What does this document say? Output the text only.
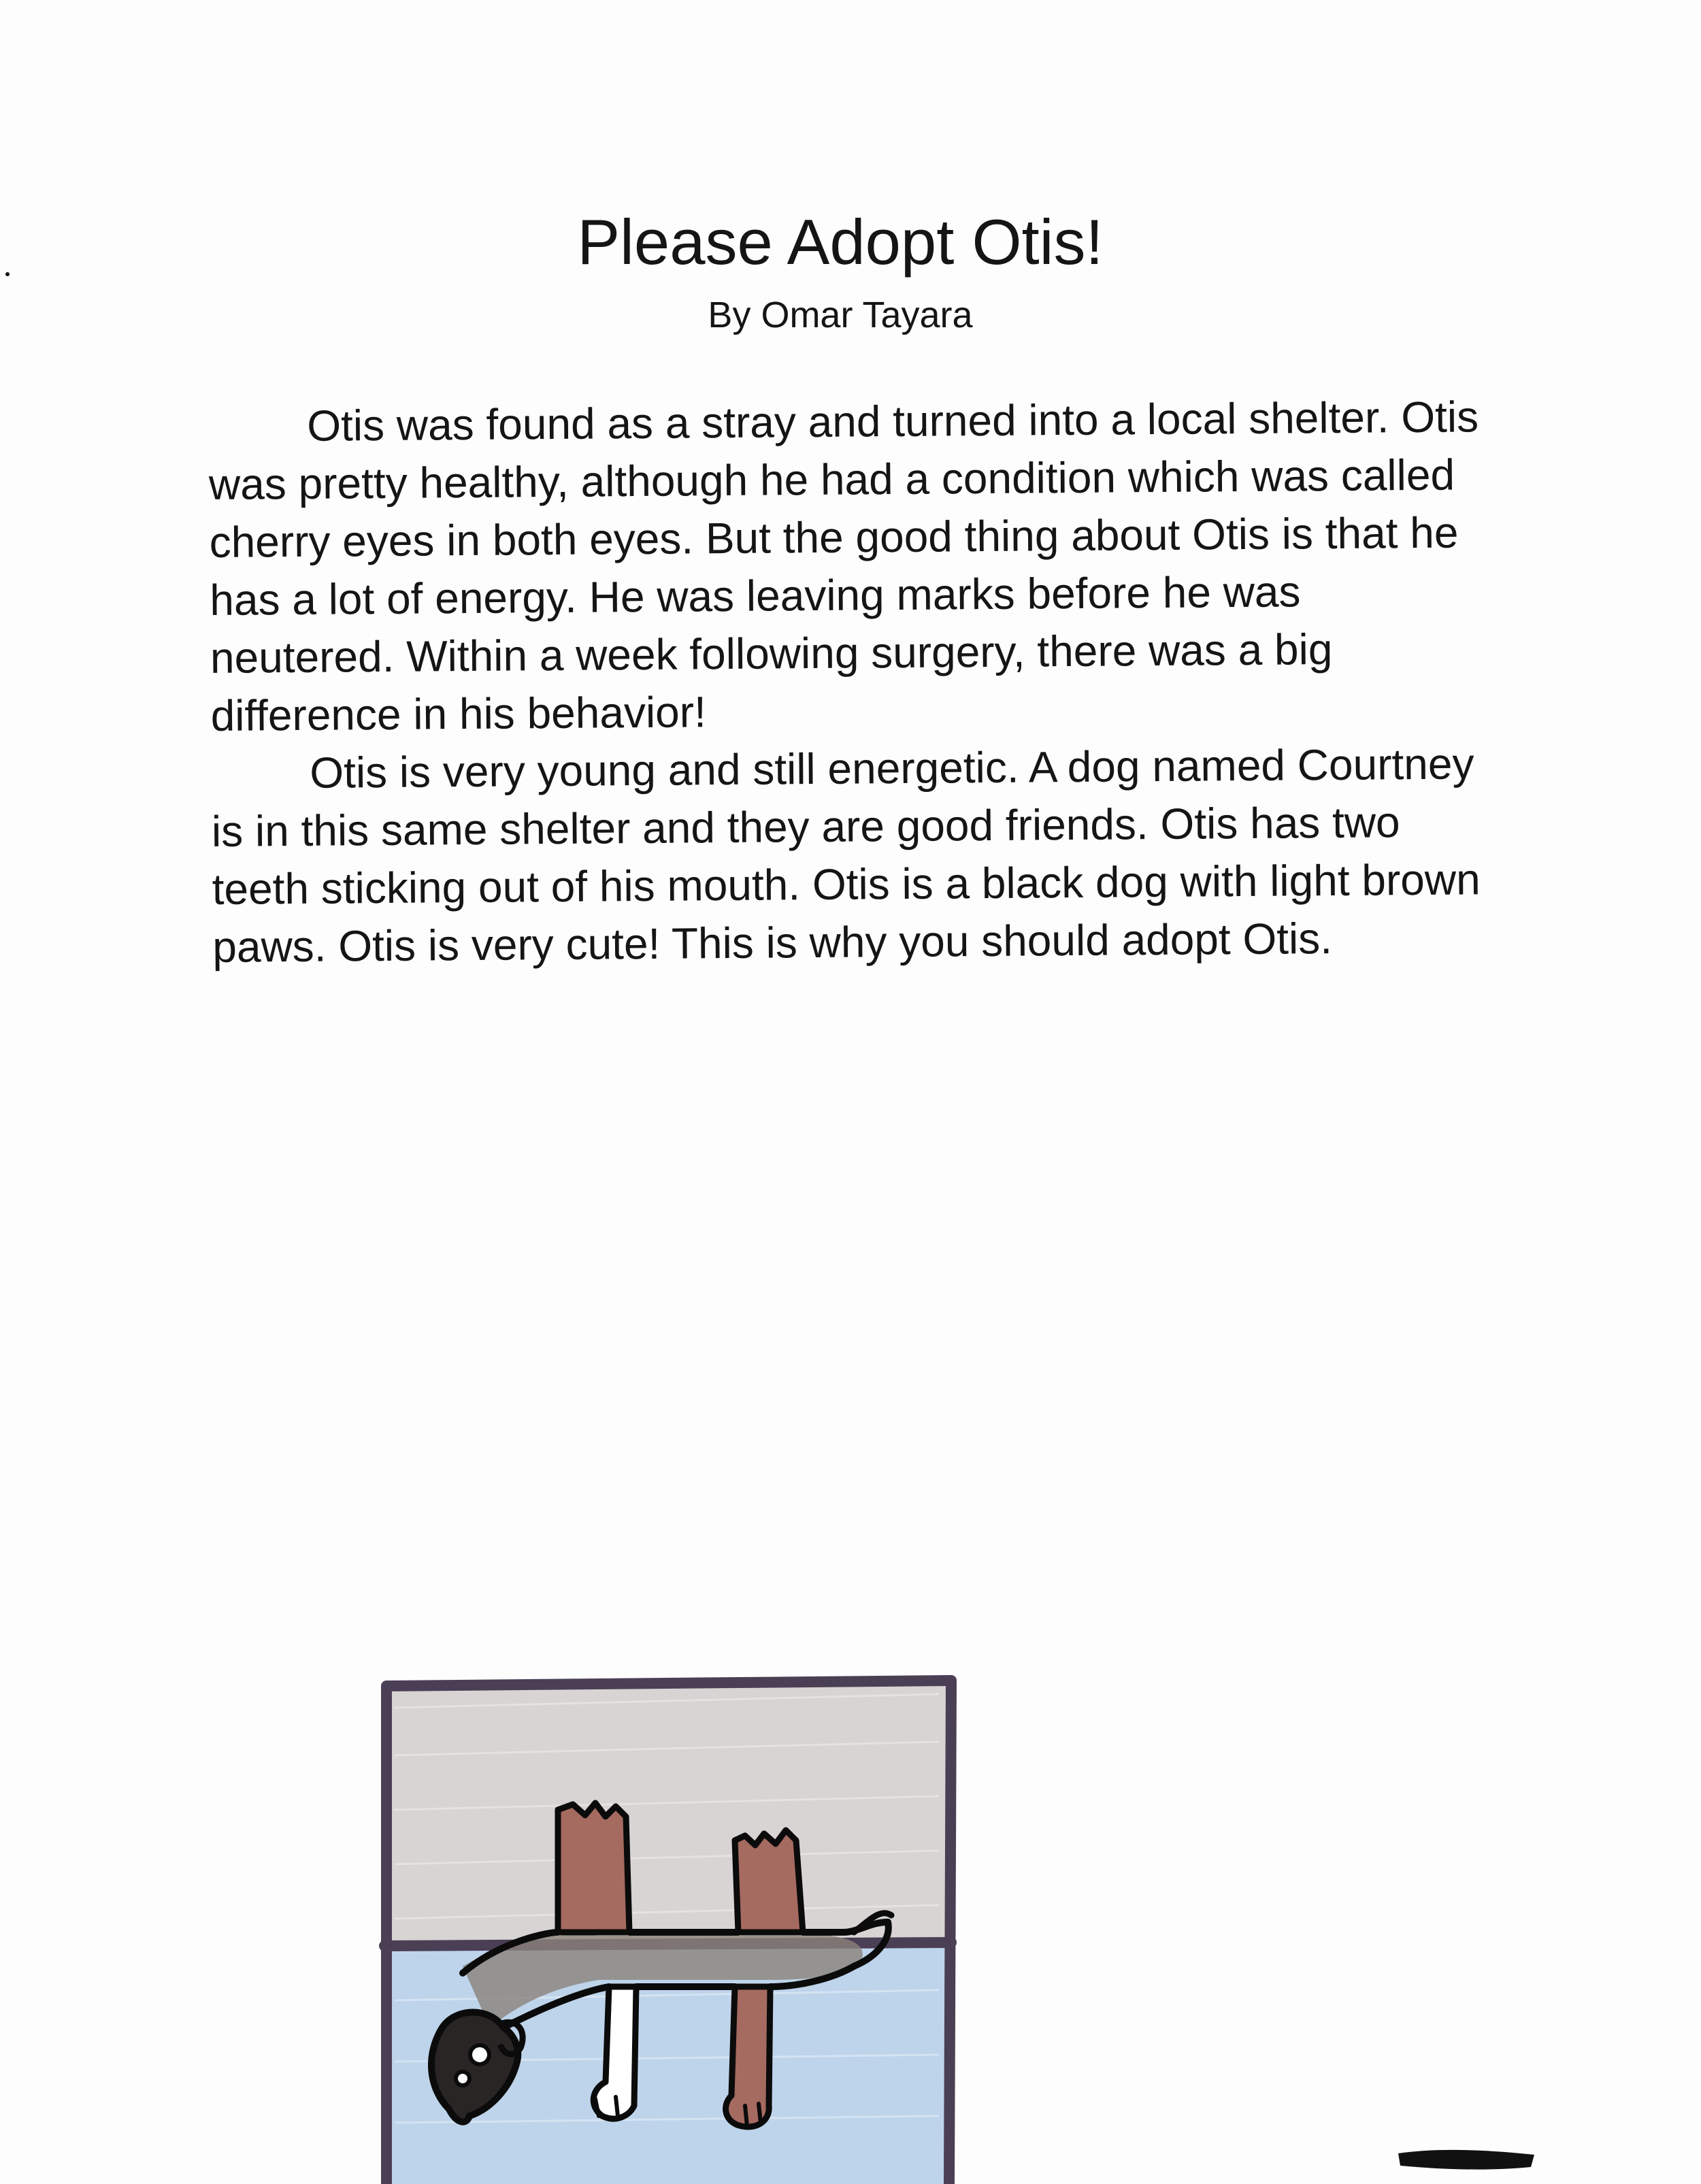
Please Adopt Otis!
By Omar Tayara

Otis was found as a stray and turned into a local shelter. Otis
was pretty healthy, although he had a condition which was called
cherry eyes in both eyes. But the good thing about Otis is that he
has a lot of energy. He was leaving marks before he was
neutered. Within a week following surgery, there was a big
difference in his behavior!

Otis is very young and still energetic. A dog named Courtney
is in this same shelter and they are good friends. Otis has two
teeth sticking out of his mouth. Otis is a black dog with light brown
paws. Otis is very cute! This is why you should adopt Otis.
